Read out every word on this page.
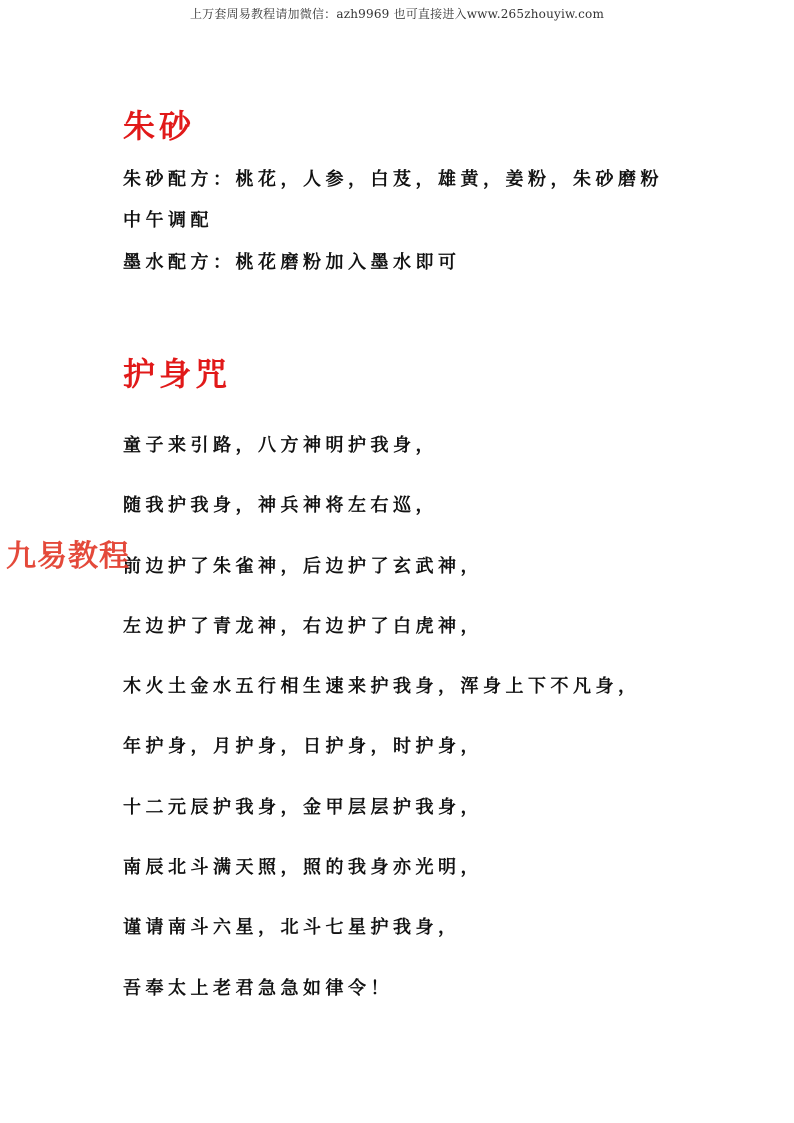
上万套周易教程请加微信：azh9969 也可直接进入www.265zhouyiw.com
朱砂

朱砂配方：桃花，人参，白芨，雄黄，姜粉，朱砂磨粉

中午调配

墨水配方：桃花磨粉加入墨水即可

护身咒

童子来引路，八方神明护我身，

随我护我身，神兵神将左右巡，

前边护了朱雀神，后边护了玄武神，

左边护了青龙神，右边护了白虎神，

木火土金水五行相生速来护我身，浑身上下不凡身，

年护身，月护身，日护身，时护身，

十二元辰护我身，金甲层层护我身，

南辰北斗满天照，照的我身亦光明，

谨请南斗六星，北斗七星护我身，

吾奉太上老君急急如律令！

九易教程
